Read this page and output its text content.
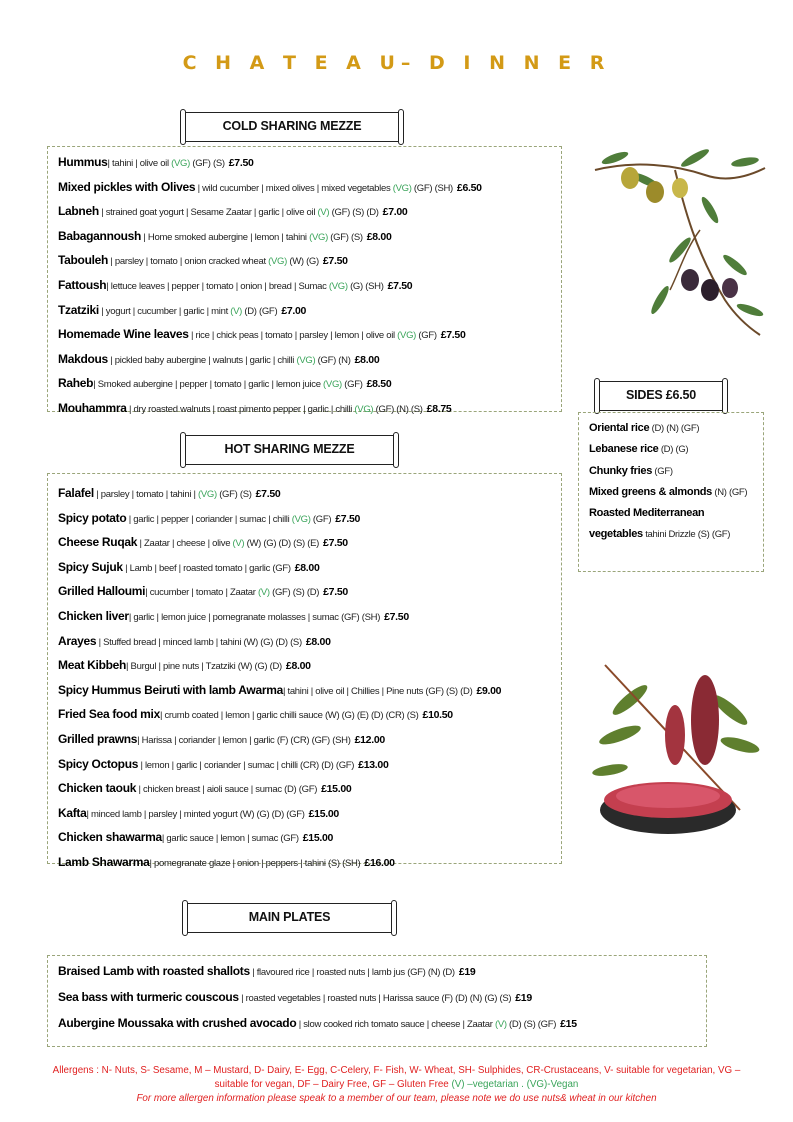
C H A T E A U– D I N N E R
COLD SHARING MEZZE
Hummus| tahini | olive oil (VG) (GF) (S) £7.50
Mixed pickles with Olives | wild cucumber | mixed olives | mixed vegetables (VG) (GF) (SH) £6.50
Labneh | strained goat yogurt | Sesame Zaatar | garlic | olive oil (V) (GF) (S) (D) £7.00
Babagannoush | Home smoked aubergine | lemon | tahini (VG) (GF) (S) £8.00
Tabouleh | parsley | tomato | onion cracked wheat (VG) (W) (G) £7.50
Fattoush| lettuce leaves | pepper | tomato | onion | bread | Sumac (VG) (G) (SH) £7.50
Tzatziki | yogurt | cucumber | garlic | mint (V) (D) (GF) £7.00
Homemade Wine leaves | rice | chick peas | tomato | parsley | lemon | olive oil (VG) (GF) £7.50
Makdous | pickled baby aubergine | walnuts | garlic | chilli (VG) (GF) (N) £8.00
Raheb| Smoked aubergine | pepper | tomato | garlic | lemon juice (VG) (GF) £8.50
Mouhammra | dry roasted walnuts | roast pimento pepper | garlic | chilli (VG) (GF) (N) (S) £8.75
SIDES £6.50
Oriental rice (D) (N) (GF)
Lebanese rice (D) (G)
Chunky fries (GF)
Mixed greens & almonds (N) (GF)
Roasted Mediterranean
vegetables tahini Drizzle (S) (GF)
HOT SHARING MEZZE
Falafel | parsley | tomato | tahini | (VG) (GF) (S) £7.50
Spicy potato | garlic | pepper | coriander | sumac | chilli (VG) (GF) £7.50
Cheese Ruqak | Zaatar | cheese | olive (V) (W) (G) (D) (S) (E) £7.50
Spicy Sujuk | Lamb | beef | roasted tomato | garlic (GF) £8.00
Grilled Halloumi| cucumber | tomato | Zaatar (V) (GF) (S) (D) £7.50
Chicken liver| garlic | lemon juice | pomegranate molasses | sumac (GF) (SH) £7.50
Arayes | Stuffed bread | minced lamb | tahini (W) (G) (D) (S) £8.00
Meat Kibbeh| Burgul | pine nuts | Tzatziki (W) (G) (D) £8.00
Spicy Hummus Beiruti with lamb Awarma| tahini | olive oil | Chillies | Pine nuts (GF) (S) (D) £9.00
Fried Sea food mix| crumb coated | lemon | garlic chilli sauce (W) (G) (E) (D) (CR) (S) £10.50
Grilled prawns| Harissa | coriander | lemon | garlic (F) (CR) (GF) (SH) £12.00
Spicy Octopus | lemon | garlic | coriander | sumac | chilli (CR) (D) (GF) £13.00
Chicken taouk | chicken breast | aioli sauce | sumac (D) (GF) £15.00
Kafta| minced lamb | parsley | minted yogurt (W) (G) (D) (GF) £15.00
Chicken shawarma| garlic sauce | lemon | sumac (GF) £15.00
Lamb Shawarma| pomegranate glaze | onion | peppers | tahini (S) (SH) £16.00
MAIN PLATES
Braised Lamb with roasted shallots | flavoured rice | roasted nuts | lamb jus (GF) (N) (D) £19
Sea bass with turmeric couscous | roasted vegetables | roasted nuts | Harissa sauce (F) (D) (N) (G) (S) £19
Aubergine Moussaka with crushed avocado | slow cooked rich tomato sauce | cheese | Zaatar (V) (D) (S) (GF) £15
Allergens : N- Nuts, S- Sesame, M – Mustard, D- Dairy, E- Egg, C-Celery, F- Fish, W- Wheat, SH- Sulphides, CR-Crustaceans, V- suitable for vegetarian, VG – suitable for vegan, DF – Dairy Free, GF – Gluten Free (V) –vegetarian . (VG)-Vegan
For more allergen information please speak to a member of our team, please note we do use nuts& wheat in our kitchen
